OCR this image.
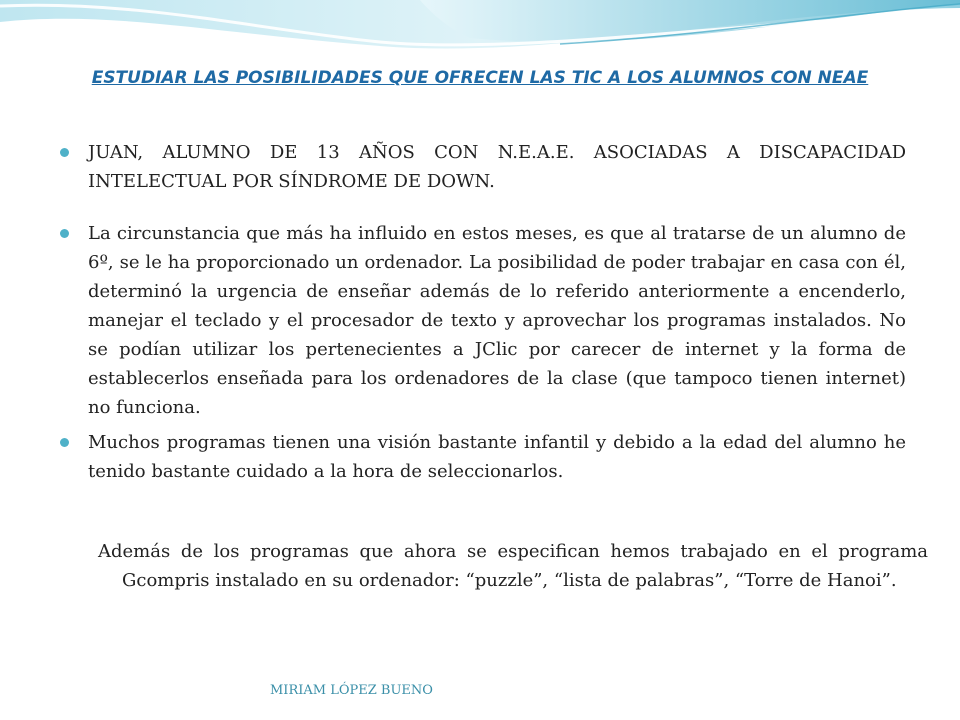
ESTUDIAR LAS POSIBILIDADES QUE OFRECEN LAS TIC A LOS ALUMNOS CON NEAE
JUAN, ALUMNO DE 13 AÑOS CON N.E.A.E. ASOCIADAS A DISCAPACIDAD INTELECTUAL POR SÍNDROME DE DOWN.
La circunstancia que más ha influido en estos meses, es que al tratarse de un alumno de 6º, se le ha proporcionado un ordenador. La posibilidad de poder trabajar en casa con él, determinó la urgencia de enseñar además de lo referido anteriormente a encenderlo, manejar el teclado y el procesador de texto y aprovechar los programas instalados. No se podían utilizar los pertenecientes a JClic por carecer de internet y la forma de establecerlos enseñada para los ordenadores de la clase (que tampoco tienen internet) no funciona.
Muchos programas tienen una visión bastante infantil y debido a la edad del alumno he tenido bastante cuidado a la hora de seleccionarlos.

Además de los programas que ahora se especifican hemos trabajado en el programa Gcompris instalado en su ordenador: “puzzle”, “lista de palabras”, “Torre de Hanoi”.

MIRIAM LÓPEZ BUENO
